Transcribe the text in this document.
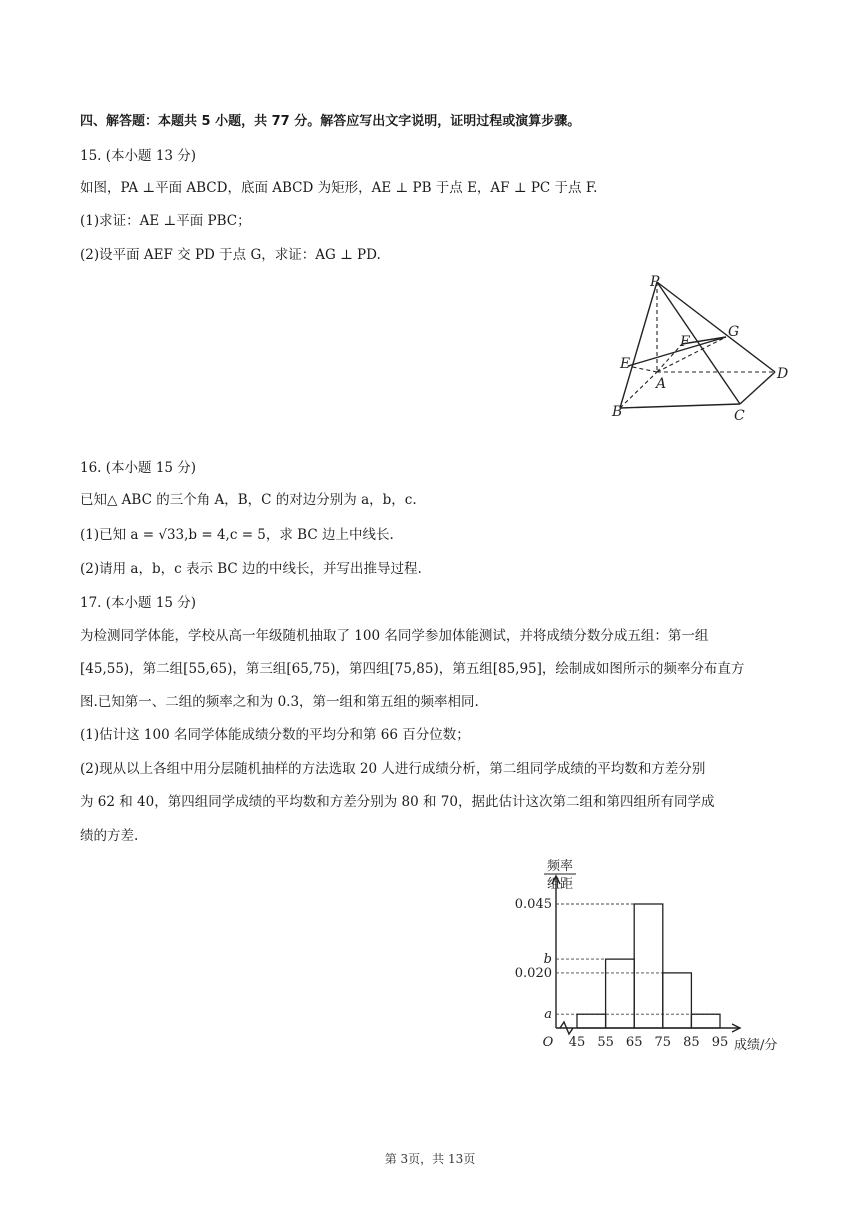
四、解答题：本题共 5 小题，共 77 分。解答应写出文字说明，证明过程或演算步骤。
15. (本小题 13 分)
如图，PA ⊥平面 ABCD，底面 ABCD 为矩形，AE ⊥ PB 于点 E，AF ⊥ PC 于点 F.
(1)求证：AE ⊥平面 PBC；
(2)设平面 AEF 交 PD 于点 G，求证：AG ⊥ PD.
P
G
F
E
A
D
B	C
16. (本小题 15 分)
已知△ ABC 的三个角 A，B，C 的对边分别为 a，b，c.
(1)已知 a = √33,b = 4,c = 5，求 BC 边上中线长.
(2)请用 a，b，c 表示 BC 边的中线长，并写出推导过程.
17. (本小题 15 分)
为检测同学体能，学校从高一年级随机抽取了 100 名同学参加体能测试，并将成绩分数分成五组：第一组
[45,55)，第二组[55,65)，第三组[65,75)，第四组[75,85)，第五组[85,95]，绘制成如图所示的频率分布直方
图.已知第一、二组的频率之和为 0.3，第一组和第五组的频率相同.
(1)估计这 100 名同学体能成绩分数的平均分和第 66 百分位数；
(2)现从以上各组中用分层随机抽样的方法选取 20 人进行成绩分析，第二组同学成绩的平均数和方差分别
为 62 和 40，第四组同学成绩的平均数和方差分别为 80 和 70，据此估计这次第二组和第四组所有同学成
绩的方差.
a
0.020
b
0.045
45 55 65 75 85 95
频率
组距
O	成绩/分
第 3页，共 13页
